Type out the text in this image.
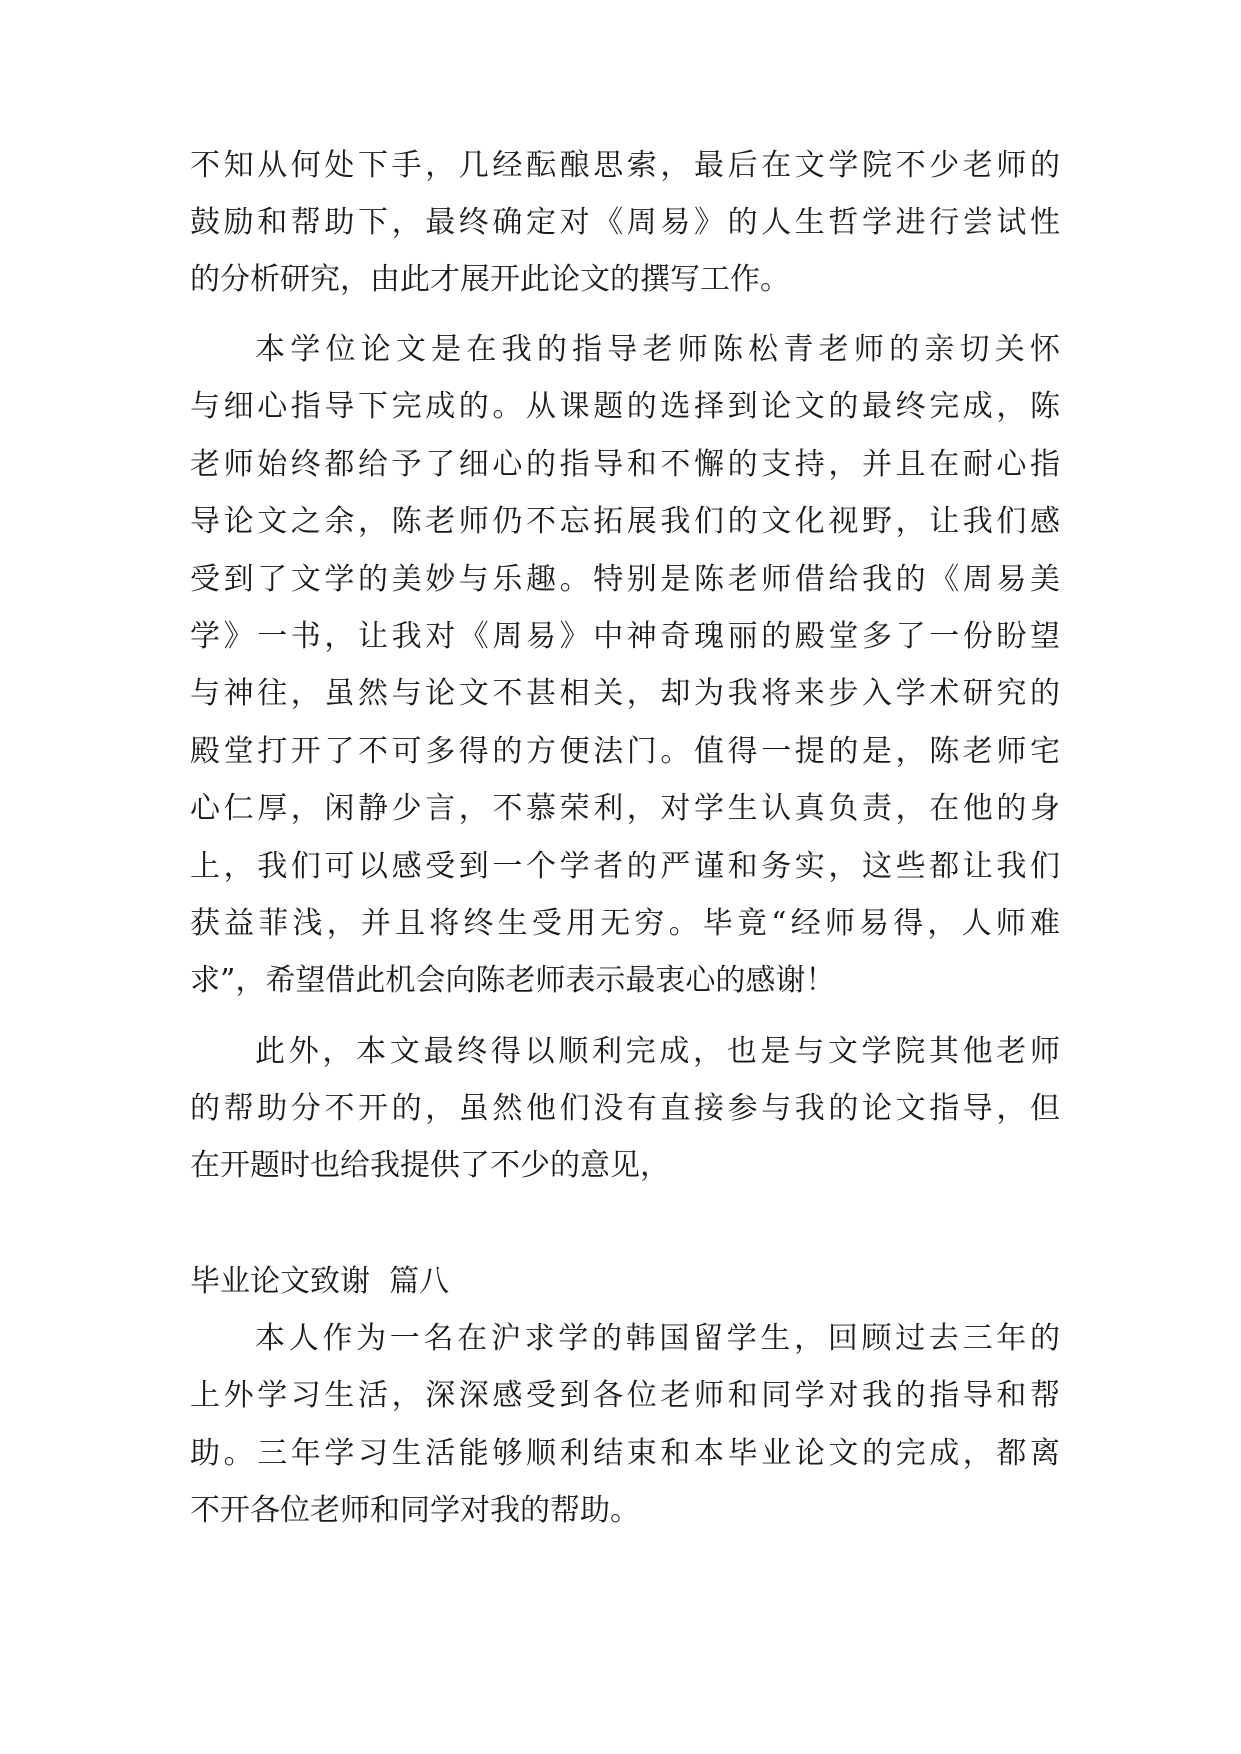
不知从何处下手，几经酝酿思索，最后在文学院不少老师的
鼓励和帮助下，最终确定对《周易》的人生哲学进行尝试性
的分析研究，由此才展开此论文的撰写工作。
本学位论文是在我的指导老师陈松青老师的亲切关怀
与细心指导下完成的。从课题的选择到论文的最终完成，陈
老师始终都给予了细心的指导和不懈的支持，并且在耐心指
导论文之余，陈老师仍不忘拓展我们的文化视野，让我们感
受到了文学的美妙与乐趣。特别是陈老师借给我的《周易美
学》一书，让我对《周易》中神奇瑰丽的殿堂多了一份盼望
与神往，虽然与论文不甚相关，却为我将来步入学术研究的
殿堂打开了不可多得的方便法门。值得一提的是，陈老师宅
心仁厚，闲静少言，不慕荣利，对学生认真负责，在他的身
上，我们可以感受到一个学者的严谨和务实，这些都让我们
获益菲浅，并且将终生受用无穷。毕竟“经师易得，人师难
求”，希望借此机会向陈老师表示最衷心的感谢！
此外，本文最终得以顺利完成，也是与文学院其他老师
的帮助分不开的，虽然他们没有直接参与我的论文指导，但
在开题时也给我提供了不少的意见，
毕业论文致谢  篇八
本人作为一名在沪求学的韩国留学生，回顾过去三年的
上外学习生活，深深感受到各位老师和同学对我的指导和帮
助。三年学习生活能够顺利结束和本毕业论文的完成，都离
不开各位老师和同学对我的帮助。
